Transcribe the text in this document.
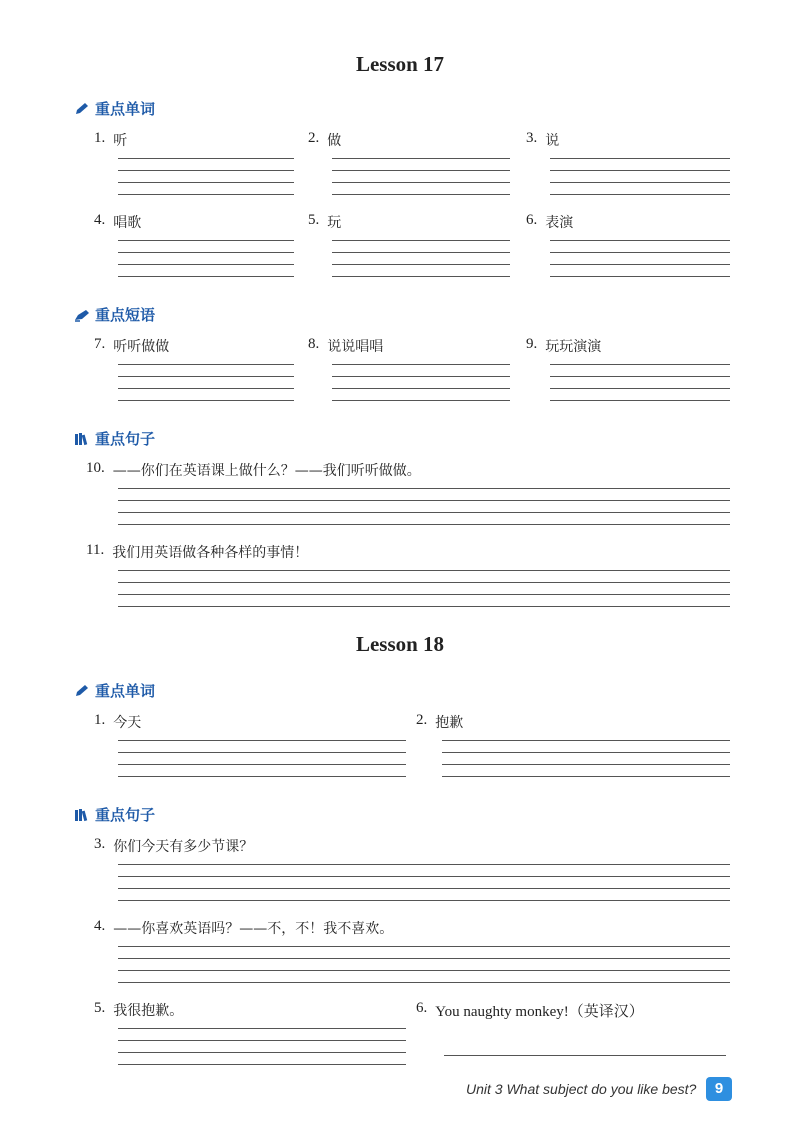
Lesson 17
重点单词
1. 听	2. 做	3. 说
4. 唱歌	5. 玩	6. 表演
重点短语
7. 听听做做	8. 说说唱唱	9. 玩玩演演
重点句子
10. ——你们在英语课上做什么？——我们听听做做。
11. 我们用英语做各种各样的事情！
Lesson 18
重点单词
1. 今天	2. 抱歉
重点句子
3. 你们今天有多少节课？
4. ——你喜欢英语吗？——不，不！我不喜欢。
5. 我很抱歉。	6. You naughty monkey!（英译汉）
Unit 3 What subject do you like best?	9
